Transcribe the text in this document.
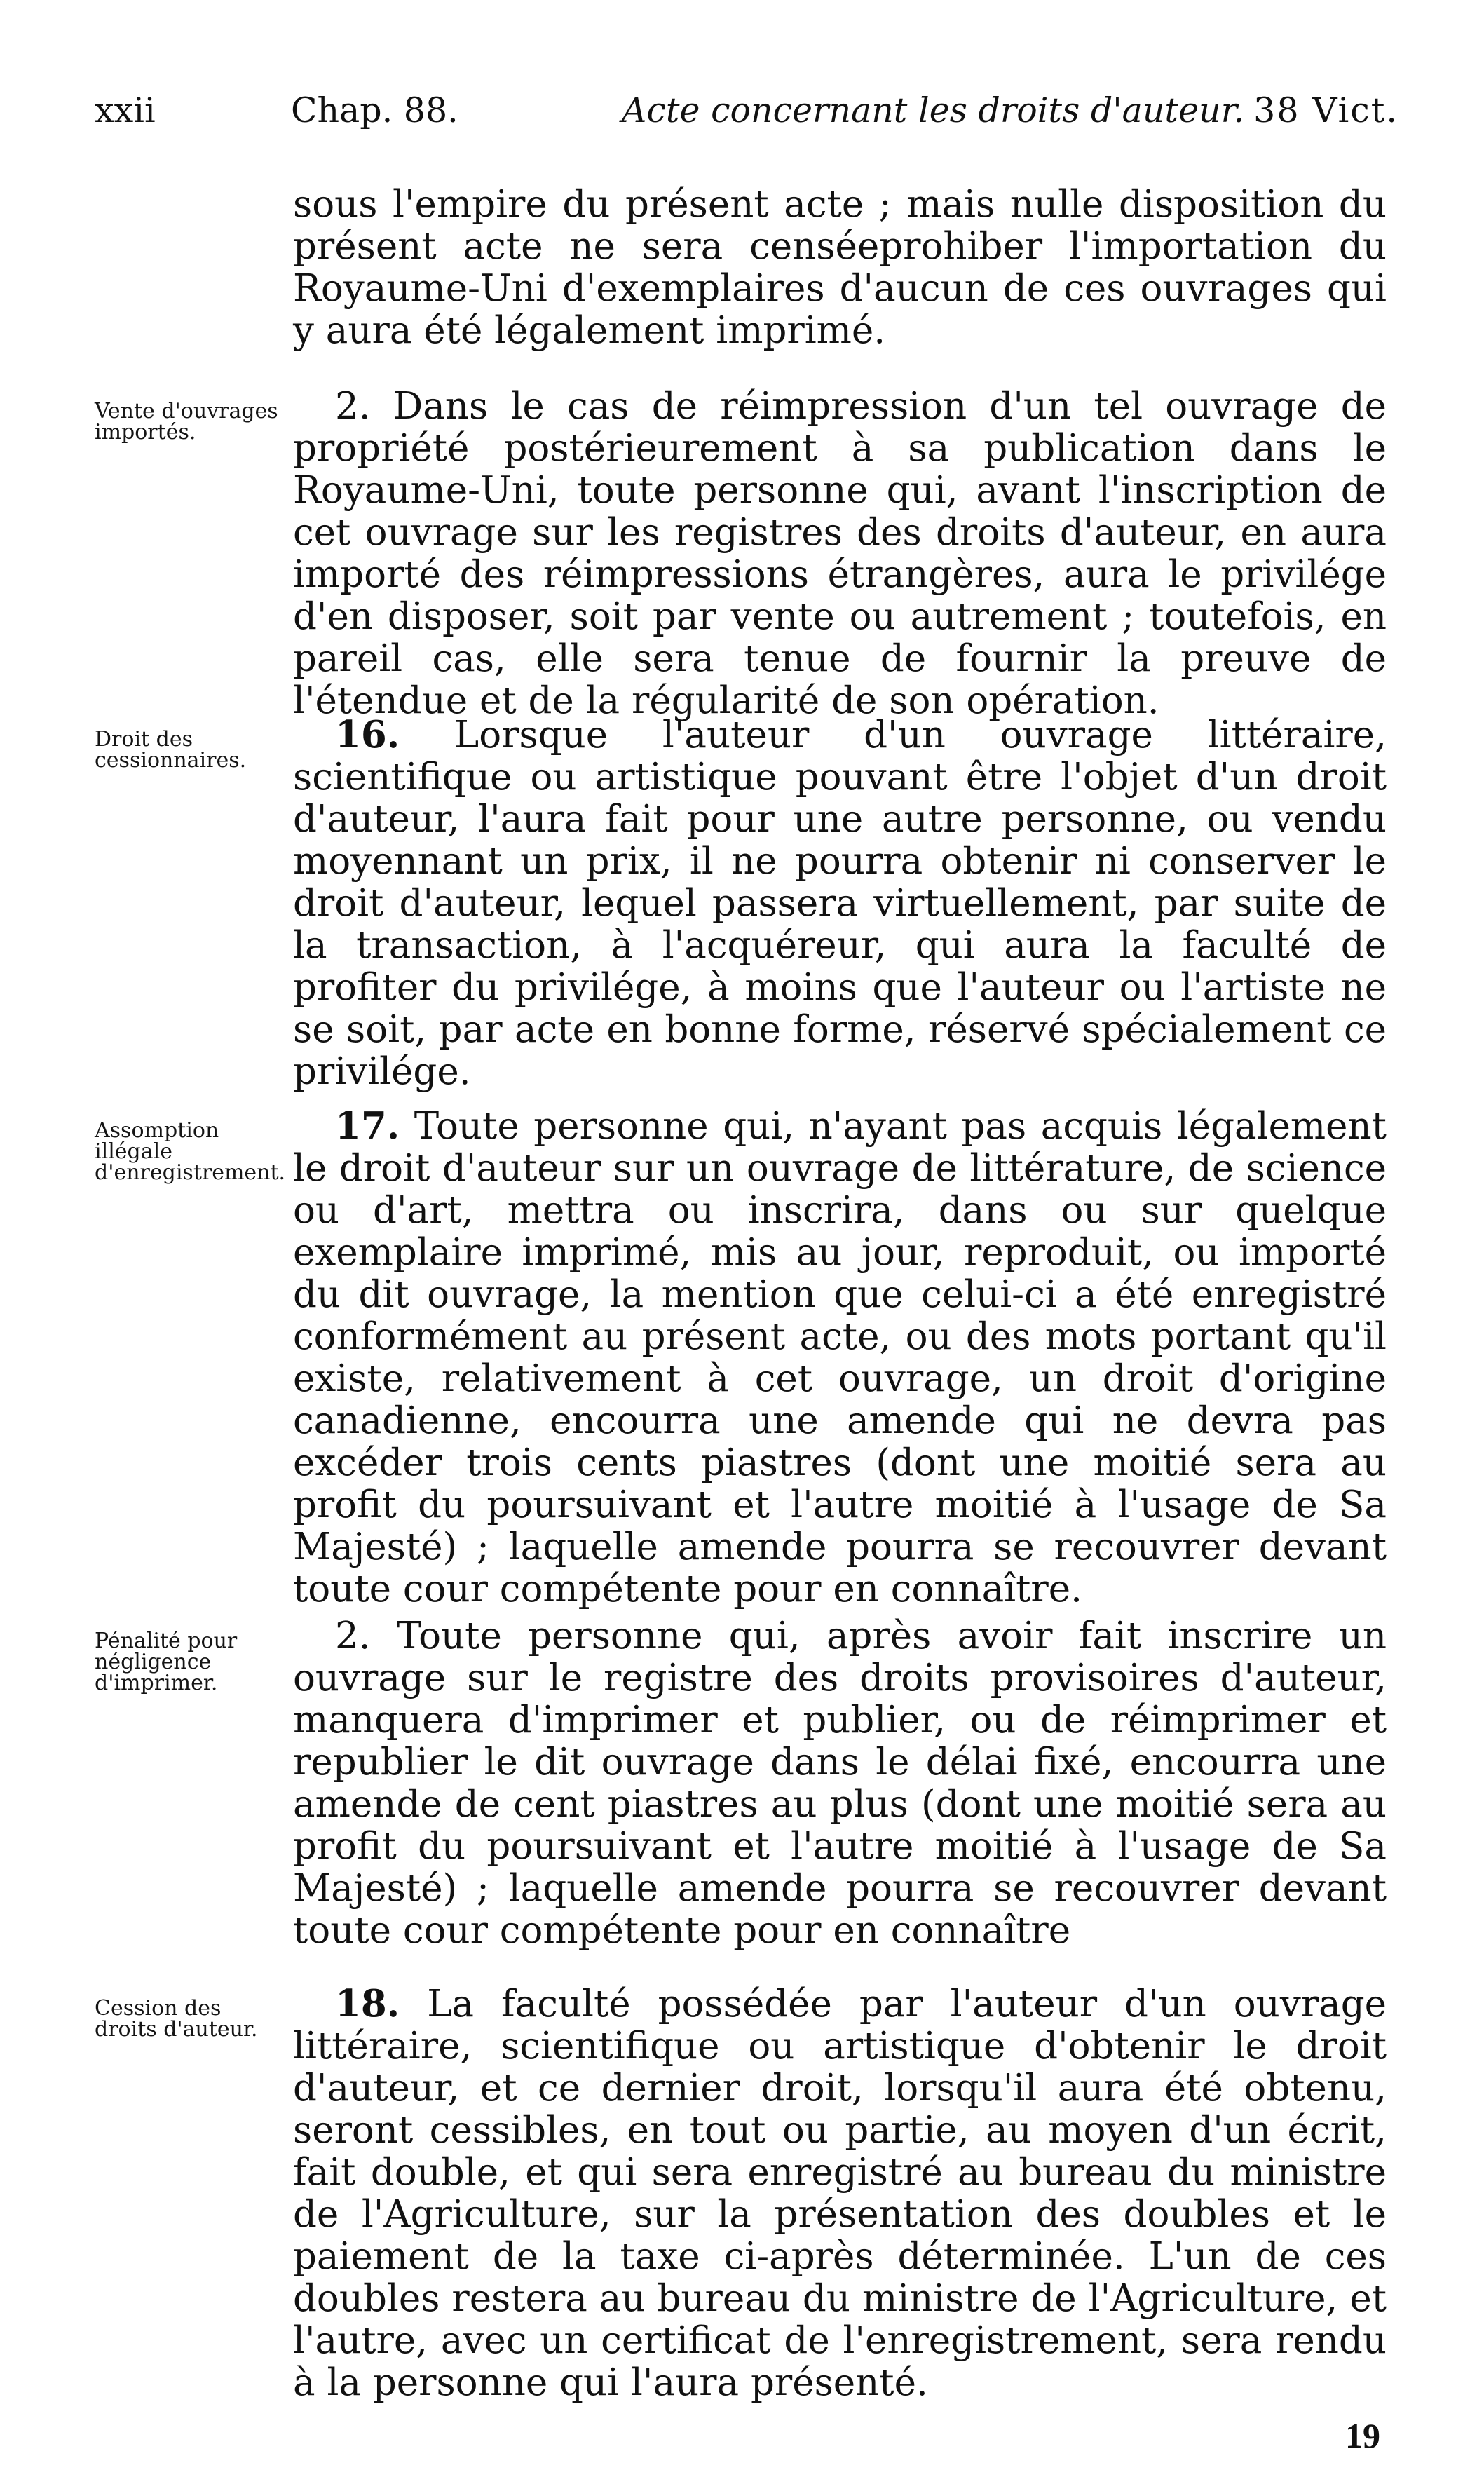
xxii	Chap. 88.	Acte concernant les droits d'auteur. 38 Vict.

sous l'empire du présent acte ; mais nulle disposition du présent acte ne sera censéeprohiber l'importation du Royaume-Uni d'exemplaires d'aucun de ces ouvrages qui y aura été légalement imprimé.

Vente d'ouvrages importés.

2. Dans le cas de réimpression d'un tel ouvrage de propriété postérieurement à sa publication dans le Royaume-Uni, toute personne qui, avant l'inscription de cet ouvrage sur les registres des droits d'auteur, en aura importé des réimpressions étrangères, aura le privilége d'en disposer, soit par vente ou autrement ; toutefois, en pareil cas, elle sera tenue de fournir la preuve de l'étendue et de la régularité de son opération.

Droit des cessionnaires.

16. Lorsque l'auteur d'un ouvrage littéraire, scientifique ou artistique pouvant être l'objet d'un droit d'auteur, l'aura fait pour une autre personne, ou vendu moyennant un prix, il ne pourra obtenir ni conserver le droit d'auteur, lequel passera virtuellement, par suite de la transaction, à l'acquéreur, qui aura la faculté de profiter du privilége, à moins que l'auteur ou l'artiste ne se soit, par acte en bonne forme, réservé spécialement ce privilége.

Assomption illégale d'enregistrement.

17. Toute personne qui, n'ayant pas acquis légalement le droit d'auteur sur un ouvrage de littérature, de science ou d'art, mettra ou inscrira, dans ou sur quelque exemplaire imprimé, mis au jour, reproduit, ou importé du dit ouvrage, la mention que celui-ci a été enregistré conformément au présent acte, ou des mots portant qu'il existe, relativement à cet ouvrage, un droit d'origine canadienne, encourra une amende qui ne devra pas excéder trois cents piastres (dont une moitié sera au profit du poursuivant et l'autre moitié à l'usage de Sa Majesté) ; laquelle amende pourra se recouvrer devant toute cour compétente pour en connaître.

Pénalité pour négligence d'imprimer.

2. Toute personne qui, après avoir fait inscrire un ouvrage sur le registre des droits provisoires d'auteur, manquera d'imprimer et publier, ou de réimprimer et republier le dit ouvrage dans le délai fixé, encourra une amende de cent piastres au plus (dont une moitié sera au profit du poursuivant et l'autre moitié à l'usage de Sa Majesté) ; laquelle amende pourra se recouvrer devant toute cour compétente pour en connaître

Cession des droits d'auteur.

18. La faculté possédée par l'auteur d'un ouvrage littéraire, scientifique ou artistique d'obtenir le droit d'auteur, et ce dernier droit, lorsqu'il aura été obtenu, seront cessibles, en tout ou partie, au moyen d'un écrit, fait double, et qui sera enregistré au bureau du ministre de l'Agriculture, sur la présentation des doubles et le paiement de la taxe ci-après déterminée. L'un de ces doubles restera au bureau du ministre de l'Agriculture, et l'autre, avec un certificat de l'enregistrement, sera rendu à la personne qui l'aura présenté.

19
